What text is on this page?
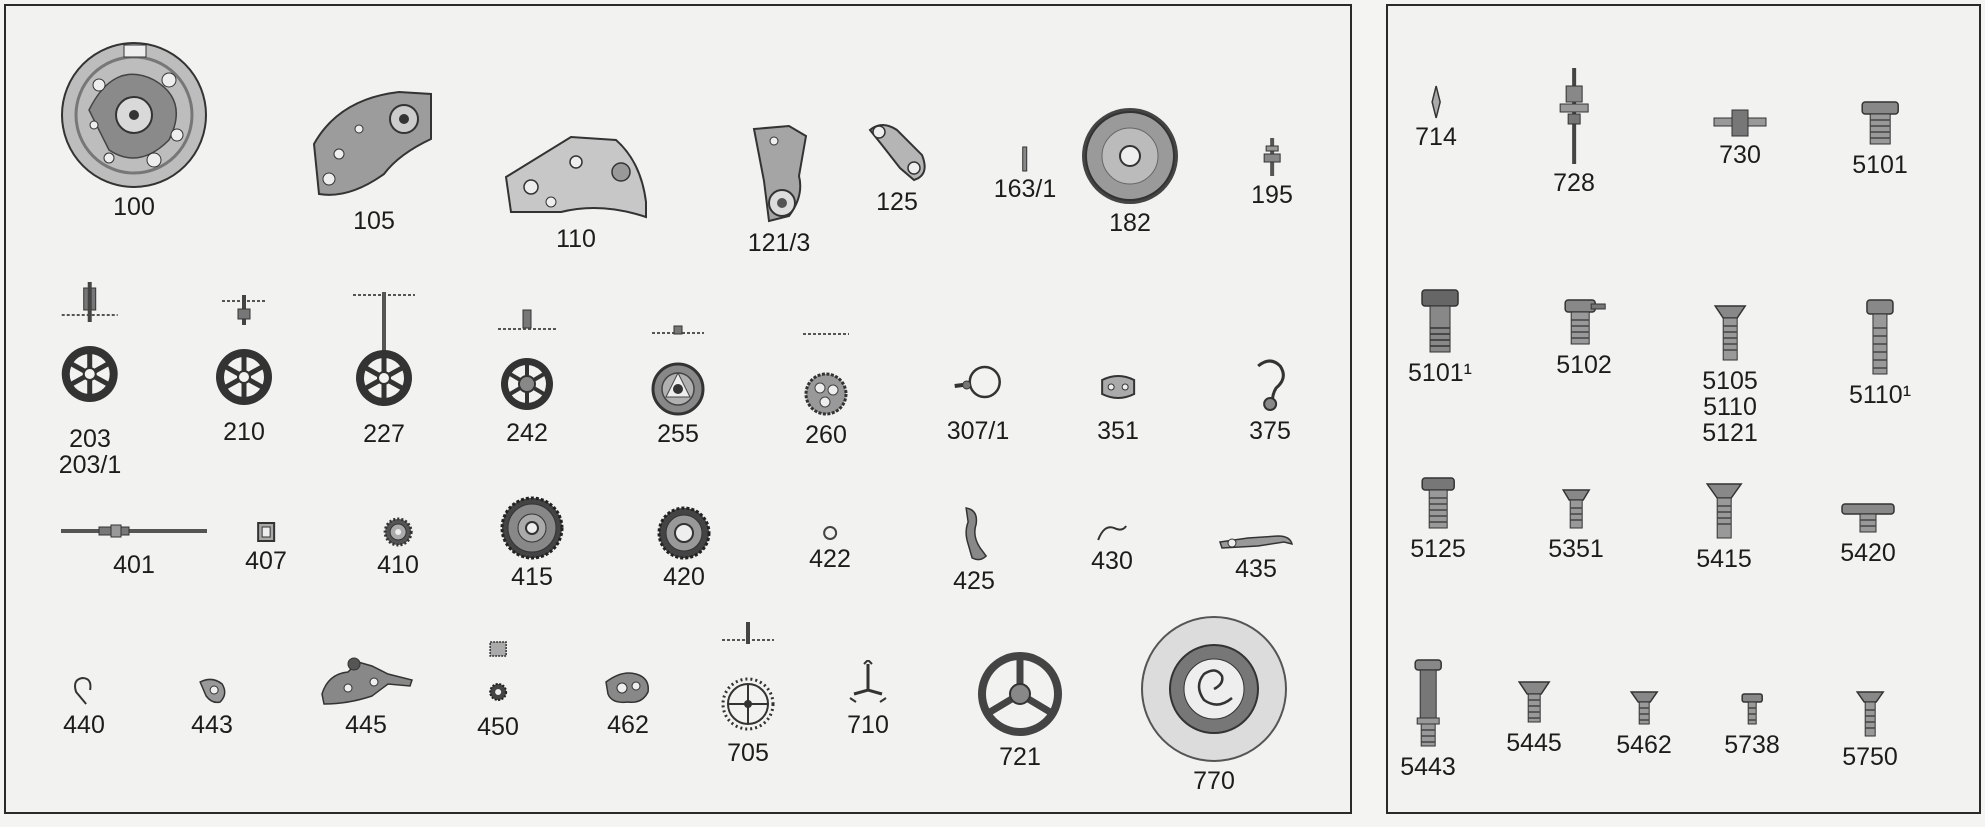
100	105
110	121/3
125	163/1
182
195
203
203/1
210	227	242	255	260	307/1	351	375
401	407	410	415	420
422
425
430	435
440	443	445	450	462
705
710
721
770
714
728
730	5101
5101¹	5102
5105
5110
5121
5110¹
5125	5351	5415	5420
5443
5445 5462 5738 5750
